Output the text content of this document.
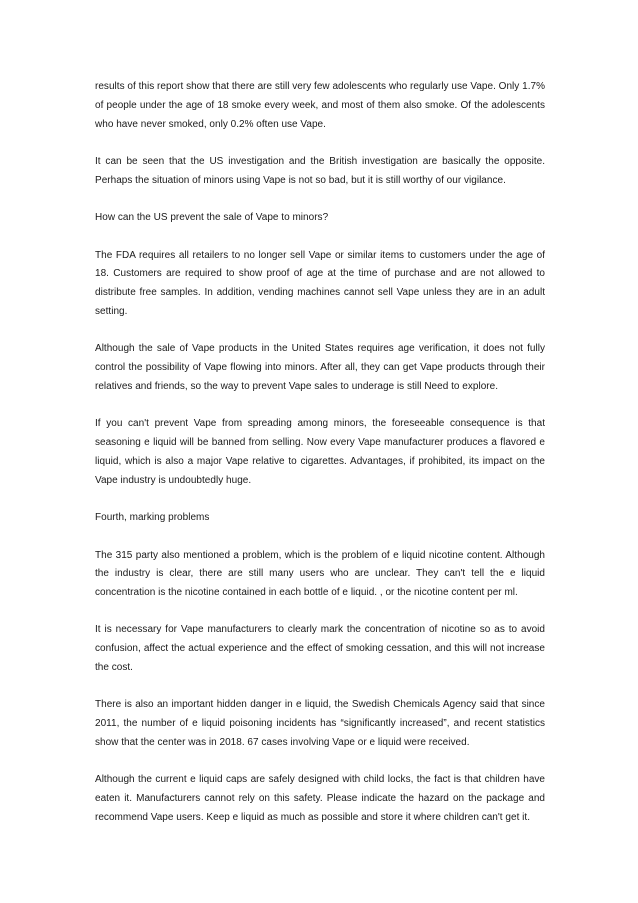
results of this report show that there are still very few adolescents who regularly use Vape. Only 1.7% of people under the age of 18 smoke every week, and most of them also smoke. Of the adolescents who have never smoked, only 0.2% often use Vape.

It can be seen that the US investigation and the British investigation are basically the opposite. Perhaps the situation of minors using Vape is not so bad, but it is still worthy of our vigilance.

How can the US prevent the sale of Vape to minors?

The FDA requires all retailers to no longer sell Vape or similar items to customers under the age of 18. Customers are required to show proof of age at the time of purchase and are not allowed to distribute free samples. In addition, vending machines cannot sell Vape unless they are in an adult setting.

Although the sale of Vape products in the United States requires age verification, it does not fully control the possibility of Vape flowing into minors. After all, they can get Vape products through their relatives and friends, so the way to prevent Vape sales to underage is still Need to explore.

If you can't prevent Vape from spreading among minors, the foreseeable consequence is that seasoning e liquid will be banned from selling. Now every Vape manufacturer produces a flavored e liquid, which is also a major Vape relative to cigarettes. Advantages, if prohibited, its impact on the Vape industry is undoubtedly huge.

Fourth, marking problems

The 315 party also mentioned a problem, which is the problem of e liquid nicotine content. Although the industry is clear, there are still many users who are unclear. They can't tell the e liquid concentration is the nicotine contained in each bottle of e liquid. , or the nicotine content per ml.

It is necessary for Vape manufacturers to clearly mark the concentration of nicotine so as to avoid confusion, affect the actual experience and the effect of smoking cessation, and this will not increase the cost.

There is also an important hidden danger in e liquid, the Swedish Chemicals Agency said that since 2011, the number of e liquid poisoning incidents has “significantly increased”, and recent statistics show that the center was in 2018. 67 cases involving Vape or e liquid were received.

Although the current e liquid caps are safely designed with child locks, the fact is that children have eaten it. Manufacturers cannot rely on this safety. Please indicate the hazard on the package and recommend Vape users. Keep e liquid as much as possible and store it where children can't get it.
